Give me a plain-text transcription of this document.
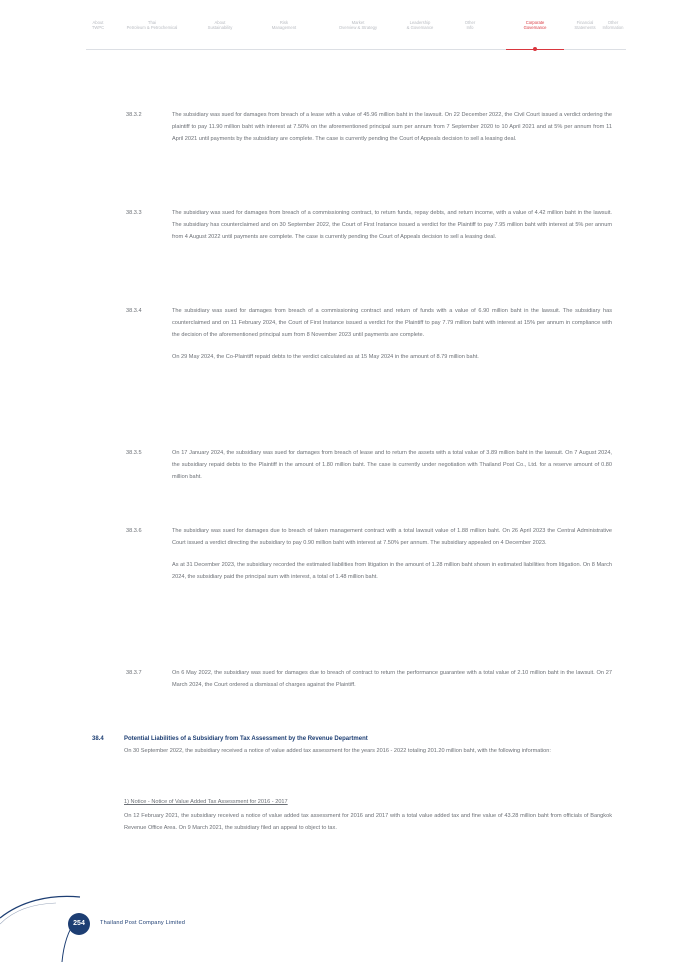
About
TWPC
Thai
Petroleum & Petrochemical
About
Sustainability
Risk
Management
Market
Overview & Strategy
Leadership
& Governance
Other
Info
Corporate
Governance
Financial
Statements
Other
Information
38.3.2	The subsidiary was sued for damages from breach of a lease with a value of 45.96 million baht in the lawsuit. On 22 December 2022, the Civil Court issued a verdict ordering the plaintiff to pay 11.90 million baht with interest at 7.50% on the aforementioned principal sum per annum from 7 September 2020 to 10 April 2021 and at 5% per annum from 11 April 2021 until payments by the subsidiary are complete. The case is currently pending the Court of Appeals decision to sell a leasing deal.

38.3.3	The subsidiary was sued for damages from breach of a commissioning contract, to return funds, repay debts, and return income, with a value of 4.42 million baht in the lawsuit. The subsidiary has counterclaimed and on 30 September 2022, the Court of First Instance issued a verdict for the Plaintiff to pay 7.95 million baht with interest at 5% per annum from 4 August 2022 until payments are complete. The case is currently pending the Court of Appeals decision to sell a leasing deal.

38.3.4	The subsidiary was sued for damages from breach of a commissioning contract and return of funds with a value of 6.90 million baht in the lawsuit. The subsidiary has counterclaimed and on 11 February 2024, the Court of First Instance issued a verdict for the Plaintiff to pay 7.79 million baht with interest at 15% per annum in compliance with the decision of the aforementioned principal sum from 8 November 2023 until payments are complete.

On 29 May 2024, the Co-Plaintiff repaid debts to the verdict calculated as at 15 May 2024 in the amount of 8.79 million baht.

38.3.5	On 17 January 2024, the subsidiary was sued for damages from breach of lease and to return the assets with a total value of 3.89 million baht in the lawsuit. On 7 August 2024, the subsidiary repaid debts to the Plaintiff in the amount of 1.80 million baht. The case is currently under negotiation with Thailand Post Co., Ltd. for a reserve amount of 0.80 million baht.

38.3.6	The subsidiary was sued for damages due to breach of taken management contract with a total lawsuit value of 1.88 million baht. On 26 April 2023 the Central Administrative Court issued a verdict directing the subsidiary to pay 0.90 million baht with interest at 7.50% per annum. The subsidiary appealed on 4 December 2023.

As at 31 December 2023, the subsidiary recorded the estimated liabilities from litigation in the amount of 1.28 million baht shown in estimated liabilities from litigation. On 8 March 2024, the subsidiary paid the principal sum with interest, a total of 1.48 million baht.

38.3.7	On 6 May 2022, the subsidiary was sued for damages due to breach of contract to return the performance guarantee with a total value of 2.10 million baht in the lawsuit. On 27 March 2024, the Court ordered a dismissal of charges against the Plaintiff.

38.4	Potential Liabilities of a Subsidiary from Tax Assessment by the Revenue Department

On 30 September 2022, the subsidiary received a notice of value added tax assessment for the years 2016 - 2022 totaling 201.20 million baht, with the following information:

1) Notice - Notice of Value Added Tax Assessment for 2016 - 2017

On 12 February 2021, the subsidiary received a notice of value added tax assessment for 2016 and 2017 with a total value added tax and fine value of 43.28 million baht from officials of Bangkok Revenue Office Area. On 9 March 2021, the subsidiary filed an appeal to object to tax.

254	Thailand Post Company Limited
